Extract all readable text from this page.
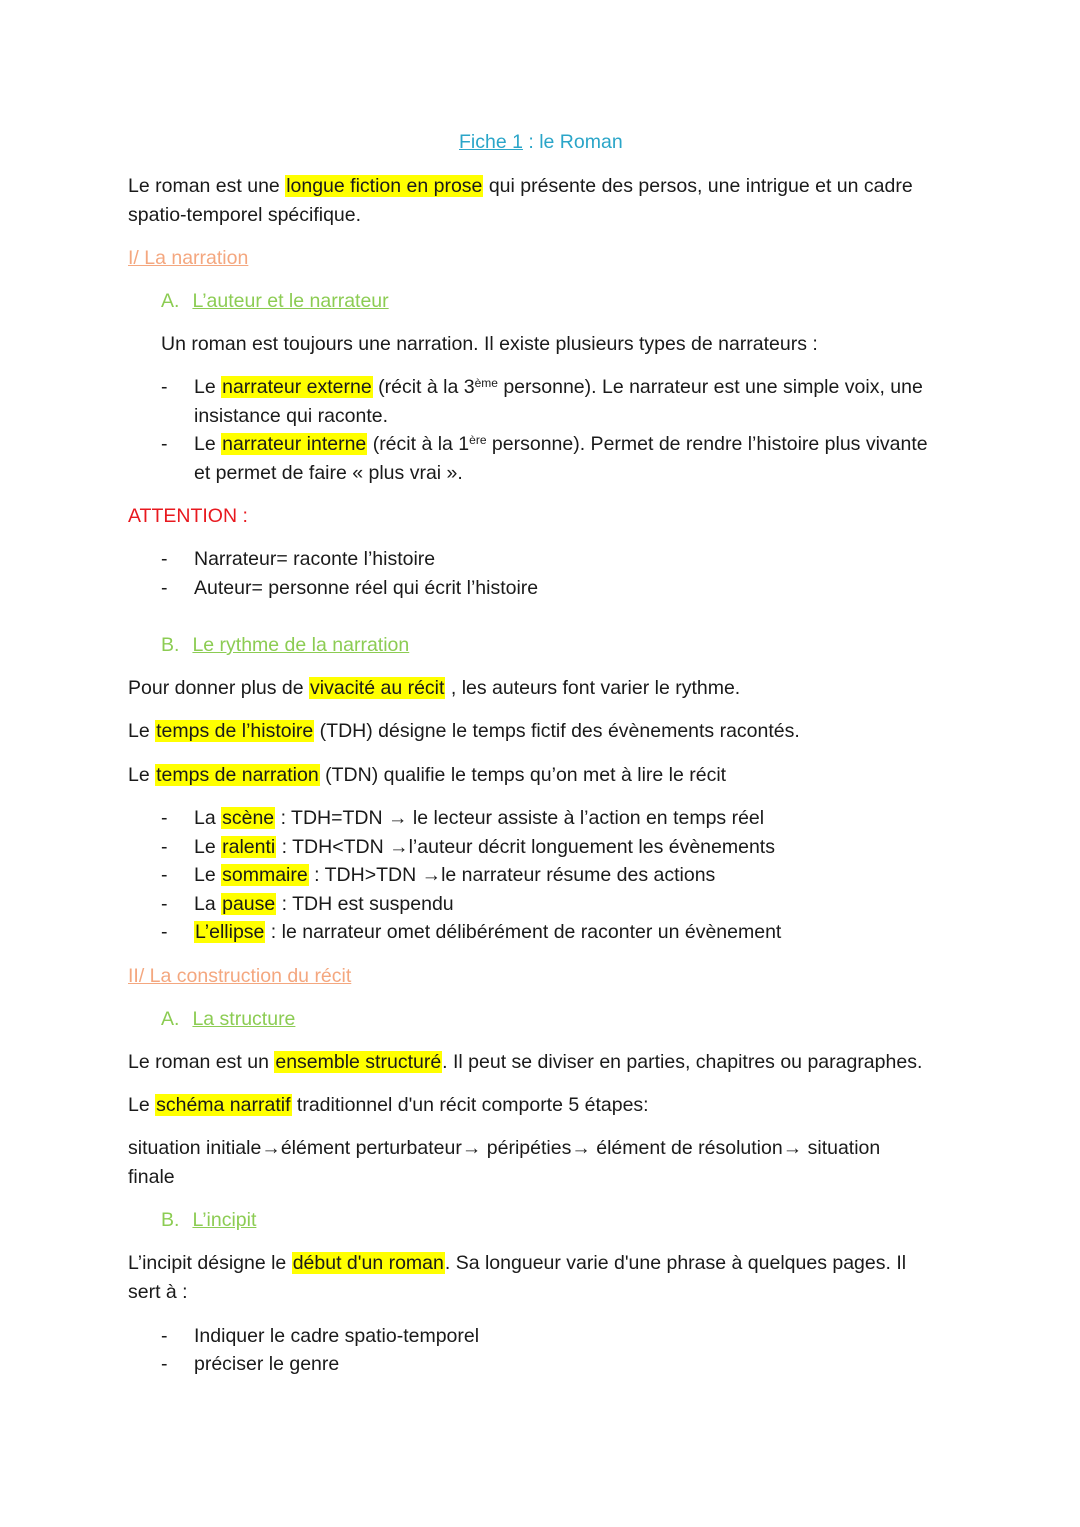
Fiche 1 : le Roman
Le roman est une longue fiction en prose qui présente des persos, une intrigue et un cadre
spatio-temporel spécifique.
I/ La narration
A. L’auteur et le narrateur
Un roman est toujours une narration. Il existe plusieurs types de narrateurs :
- Le narrateur externe (récit à la 3ème personne). Le narrateur est une simple voix, une
insistance qui raconte.
- Le narrateur interne (récit à la 1ère personne). Permet de rendre l’histoire plus vivante
et permet de faire « plus vrai ».
ATTENTION :
- Narrateur= raconte l’histoire
- Auteur= personne réel qui écrit l’histoire
B. Le rythme de la narration
Pour donner plus de vivacité au récit , les auteurs font varier le rythme.
Le temps de l’histoire (TDH) désigne le temps fictif des évènements racontés.
Le temps de narration (TDN) qualifie le temps qu’on met à lire le récit
- La scène : TDH=TDN → le lecteur assiste à l’action en temps réel
- Le ralenti : TDH<TDN →l’auteur décrit longuement les évènements
- Le sommaire : TDH>TDN →le narrateur résume des actions
- La pause : TDH est suspendu
- L’ellipse : le narrateur omet délibérément de raconter un évènement
II/ La construction du récit
A. La structure
Le roman est un ensemble structuré. Il peut se diviser en parties, chapitres ou paragraphes.
Le schéma narratif traditionnel d'un récit comporte 5 étapes:
situation initiale→élément perturbateur→ péripéties→ élément de résolution→ situation
finale
B. L’incipit
L’incipit désigne le début d'un roman. Sa longueur varie d'une phrase à quelques pages. Il
sert à :
- Indiquer le cadre spatio-temporel
- préciser le genre
